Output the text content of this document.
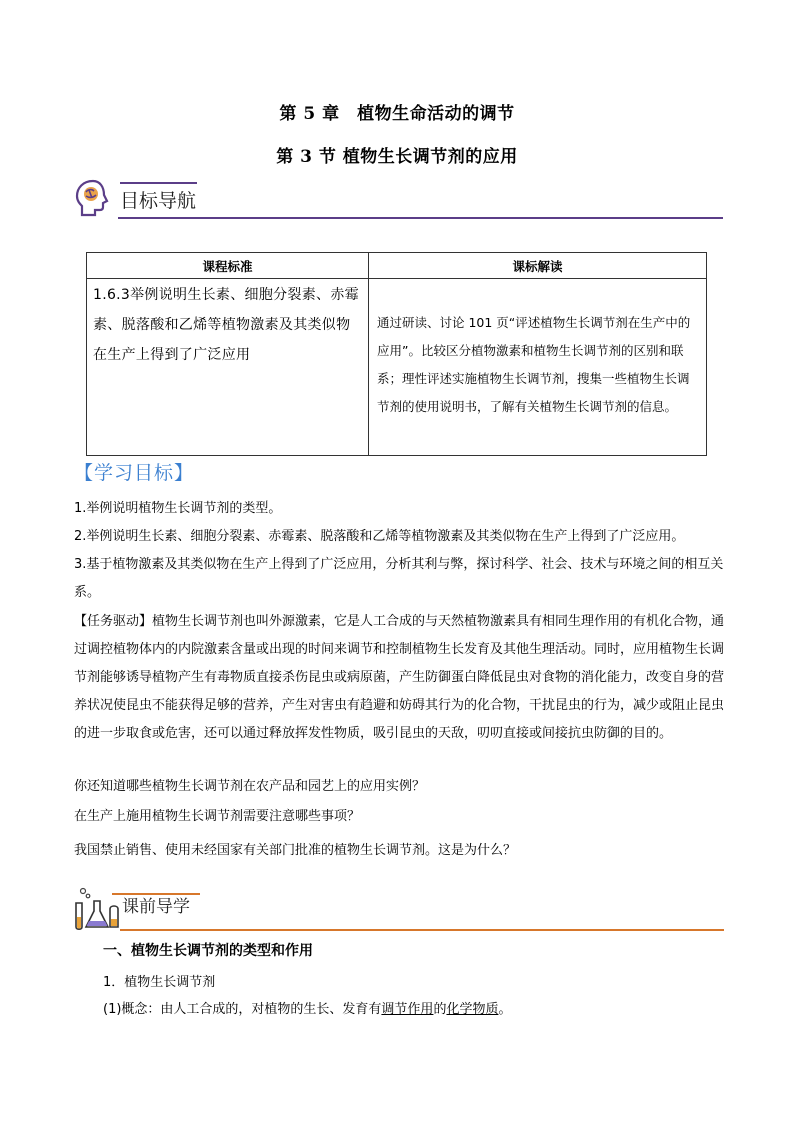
第 5 章　植物生命活动的调节
第 3 节 植物生长调节剂的应用
目标导航
课程标准	课标解读
1.6.3举例说明生长素、细胞分裂素、赤霉素、脱落酸和乙烯等植物激素及其类似物在生产上得到了广泛应用	通过研读、讨论 101 页“评述植物生长调节剂在生产中的应用”。比较区分植物激素和植物生长调节剂的区别和联系；理性评述实施植物生长调节剂，搜集一些植物生长调节剂的使用说明书，了解有关植物生长调节剂的信息。
【学习目标】
1.举例说明植物生长调节剂的类型。
2.举例说明生长素、细胞分裂素、赤霉素、脱落酸和乙烯等植物激素及其类似物在生产上得到了广泛应用。
3.基于植物激素及其类似物在生产上得到了广泛应用，分析其利与弊，探讨科学、社会、技术与环境之间的相互关系。
【任务驱动】植物生长调节剂也叫外源激素，它是人工合成的与天然植物激素具有相同生理作用的有机化合物，通过调控植物体内的内院激素含量或出现的时间来调节和控制植物生长发育及其他生理活动。同时，应用植物生长调节剂能够诱导植物产生有毒物质直接杀伤昆虫或病原菌，产生防御蛋白降低昆虫对食物的消化能力，改变自身的营养状况使昆虫不能获得足够的营养，产生对害虫有趋避和妨碍其行为的化合物，干扰昆虫的行为，减少或阻止昆虫的进一步取食或危害，还可以通过释放挥发性物质，吸引昆虫的天敌，叨叨直接或间接抗虫防御的目的。
你还知道哪些植物生长调节剂在农产品和园艺上的应用实例？
在生产上施用植物生长调节剂需要注意哪些事项？
我国禁止销售、使用未经国家有关部门批准的植物生长调节剂。这是为什么？
课前导学
一、植物生长调节剂的类型和作用
1．植物生长调节剂
(1)概念：由人工合成的，对植物的生长、发育有调节作用的化学物质。
